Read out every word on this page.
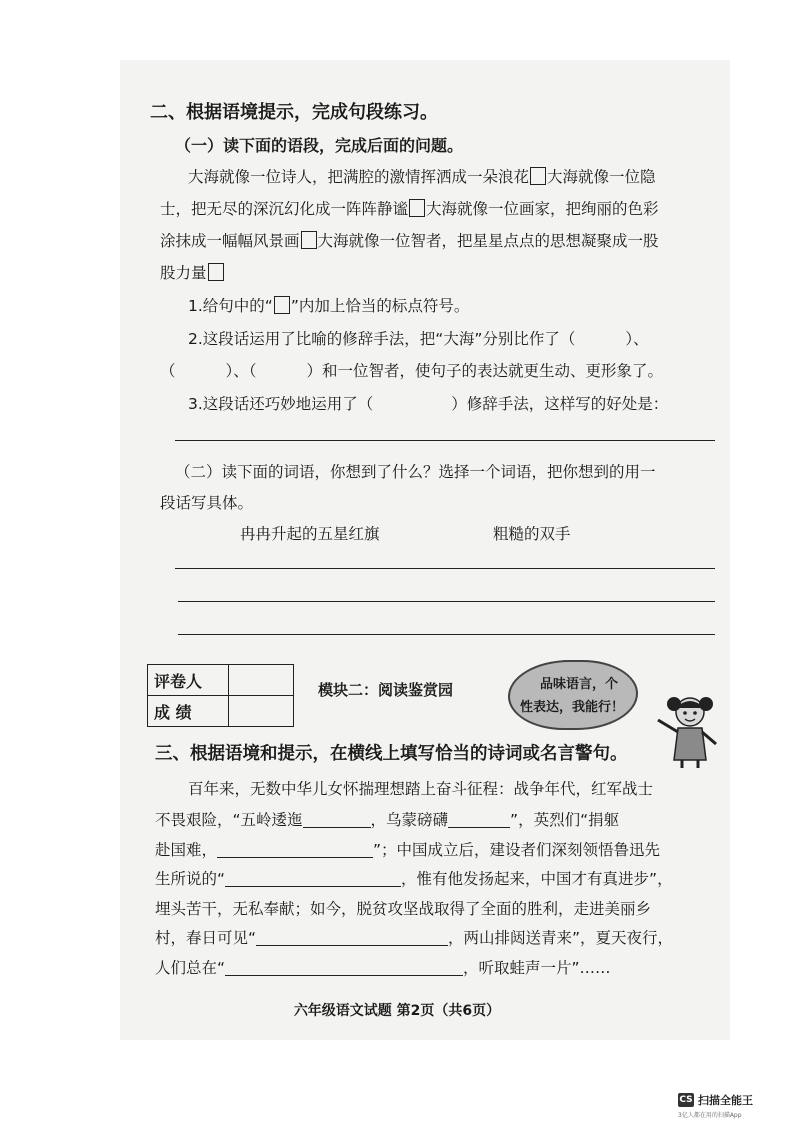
二、根据语境提示，完成句段练习。
（一）读下面的语段，完成后面的问题。
大海就像一位诗人，把满腔的激情挥洒成一朵浪花 大海就像一位隐
士，把无尽的深沉幻化成一阵阵静谧 大海就像一位画家，把绚丽的色彩
涂抹成一幅幅风景画 大海就像一位智者，把星星点点的思想凝聚成一股
股力量
1.给句中的“ ”内加上恰当的标点符号。
2.这段话运用了比喻的修辞手法，把“大海”分别比作了（	）、
（	）、（	）和一位智者，使句子的表达就更生动、更形象了。
3.这段话还巧妙地运用了（	）修辞手法，这样写的好处是：
（二）读下面的词语，你想到了什么？选择一个词语，把你想到的用一
段话写具体。
冉冉升起的五星红旗	粗糙的双手
评卷人	
成 绩	
模块二：阅读鉴赏园	品味语言，个
性表达，我能行！
三、根据语境和提示，在横线上填写恰当的诗词或名言警句。
百年来，无数中华儿女怀揣理想踏上奋斗征程：战争年代，红军战士
不畏艰险，“五岭逶迤	，乌蒙磅礴	”，英烈们“捐躯
赴国难，	”；中国成立后，建设者们深刻领悟鲁迅先
生所说的“	，惟有他发扬起来，中国才有真进步”，
埋头苦干，无私奉献；如今，脱贫攻坚战取得了全面的胜利，走进美丽乡
村，春日可见“	，两山排闼送青来”，夏天夜行，
人们总在“	，听取蛙声一片”……
六年级语文试题 第2页（共6页）
CS 扫描全能王
3亿人都在用的扫描App
